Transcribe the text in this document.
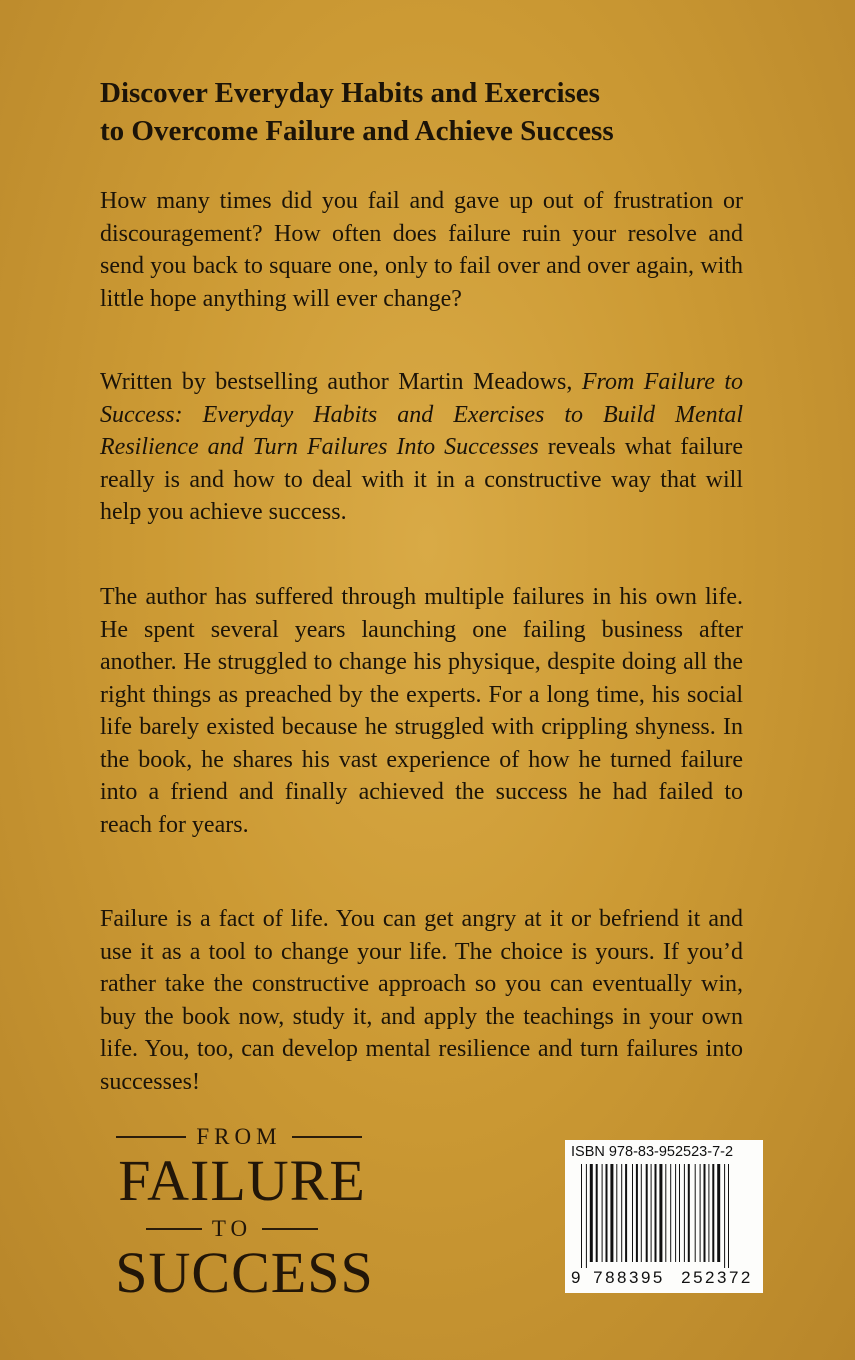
Discover Everyday Habits and Exercises
to Overcome Failure and Achieve Success

How many times did you fail and gave up out of frustration or discouragement? How often does failure ruin your resolve and send you back to square one, only to fail over and over again, with little hope anything will ever change?

Written by bestselling author Martin Meadows, From Failure to Success: Everyday Habits and Exercises to Build Mental Resilience and Turn Failures Into Successes reveals what failure really is and how to deal with it in a constructive way that will help you achieve success.

The author has suffered through multiple failures in his own life. He spent several years launching one failing business after another. He struggled to change his physique, despite doing all the right things as preached by the experts. For a long time, his social life barely existed because he struggled with crippling shyness. In the book, he shares his vast experience of how he turned failure into a friend and finally achieved the success he had failed to reach for years.

Failure is a fact of life. You can get angry at it or befriend it and use it as a tool to change your life. The choice is yours. If you’d rather take the constructive approach so you can eventually win, buy the book now, study it, and apply the teachings in your own life. You, too, can develop mental resilience and turn failures into successes!

FROM
FAILURE
TO
SUCCESS
ISBN 978-83-952523-7-2
9 788395 252372
